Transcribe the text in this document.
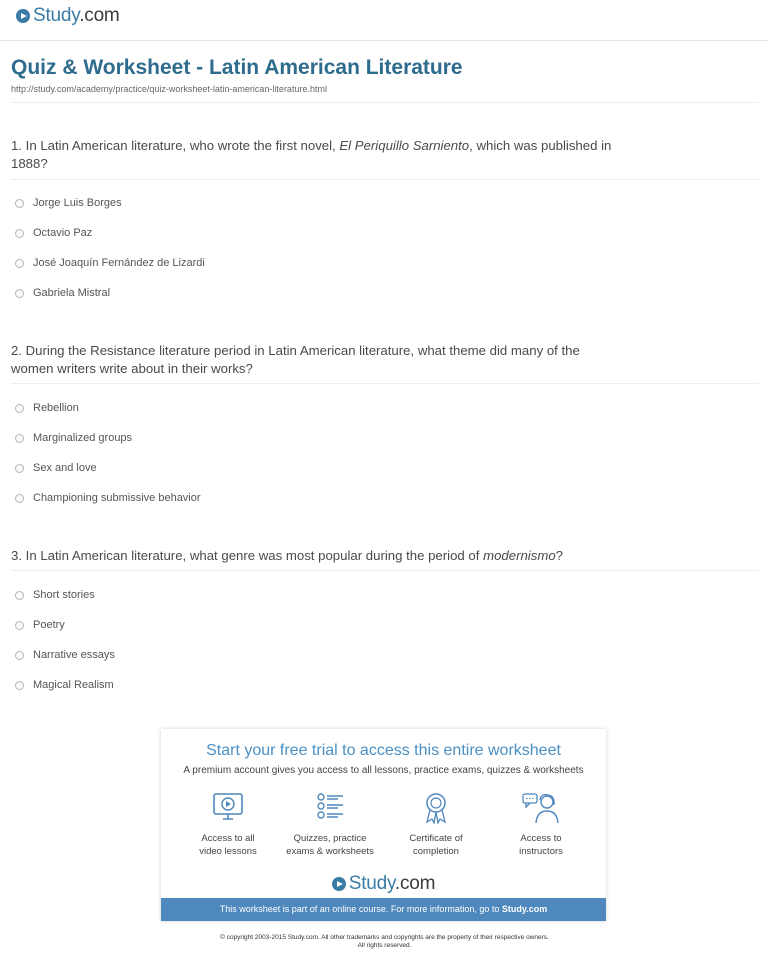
Study.com
Quiz & Worksheet - Latin American Literature
http://study.com/academy/practice/quiz-worksheet-latin-american-literature.html
1. In Latin American literature, who wrote the first novel, El Periquillo Sarniento, which was published in 1888?
Jorge Luis Borges
Octavio Paz
José Joaquín Fernández de Lizardi
Gabriela Mistral
2. During the Resistance literature period in Latin American literature, what theme did many of the women writers write about in their works?
Rebellion
Marginalized groups
Sex and love
Championing submissive behavior
3. In Latin American literature, what genre was most popular during the period of modernismo?
Short stories
Poetry
Narrative essays
Magical Realism
Start your free trial to access this entire worksheet
A premium account gives you access to all lessons, practice exams, quizzes & worksheets
Access to all
video lessons
Quizzes, practice
exams & worksheets
Certificate of
completion
Access to
instructors
Study.com
This worksheet is part of an online course. For more information, go to Study.com
© copyright 2003-2015 Study.com. All other trademarks and copyrights are the property of their respective owners.
All rights reserved.
